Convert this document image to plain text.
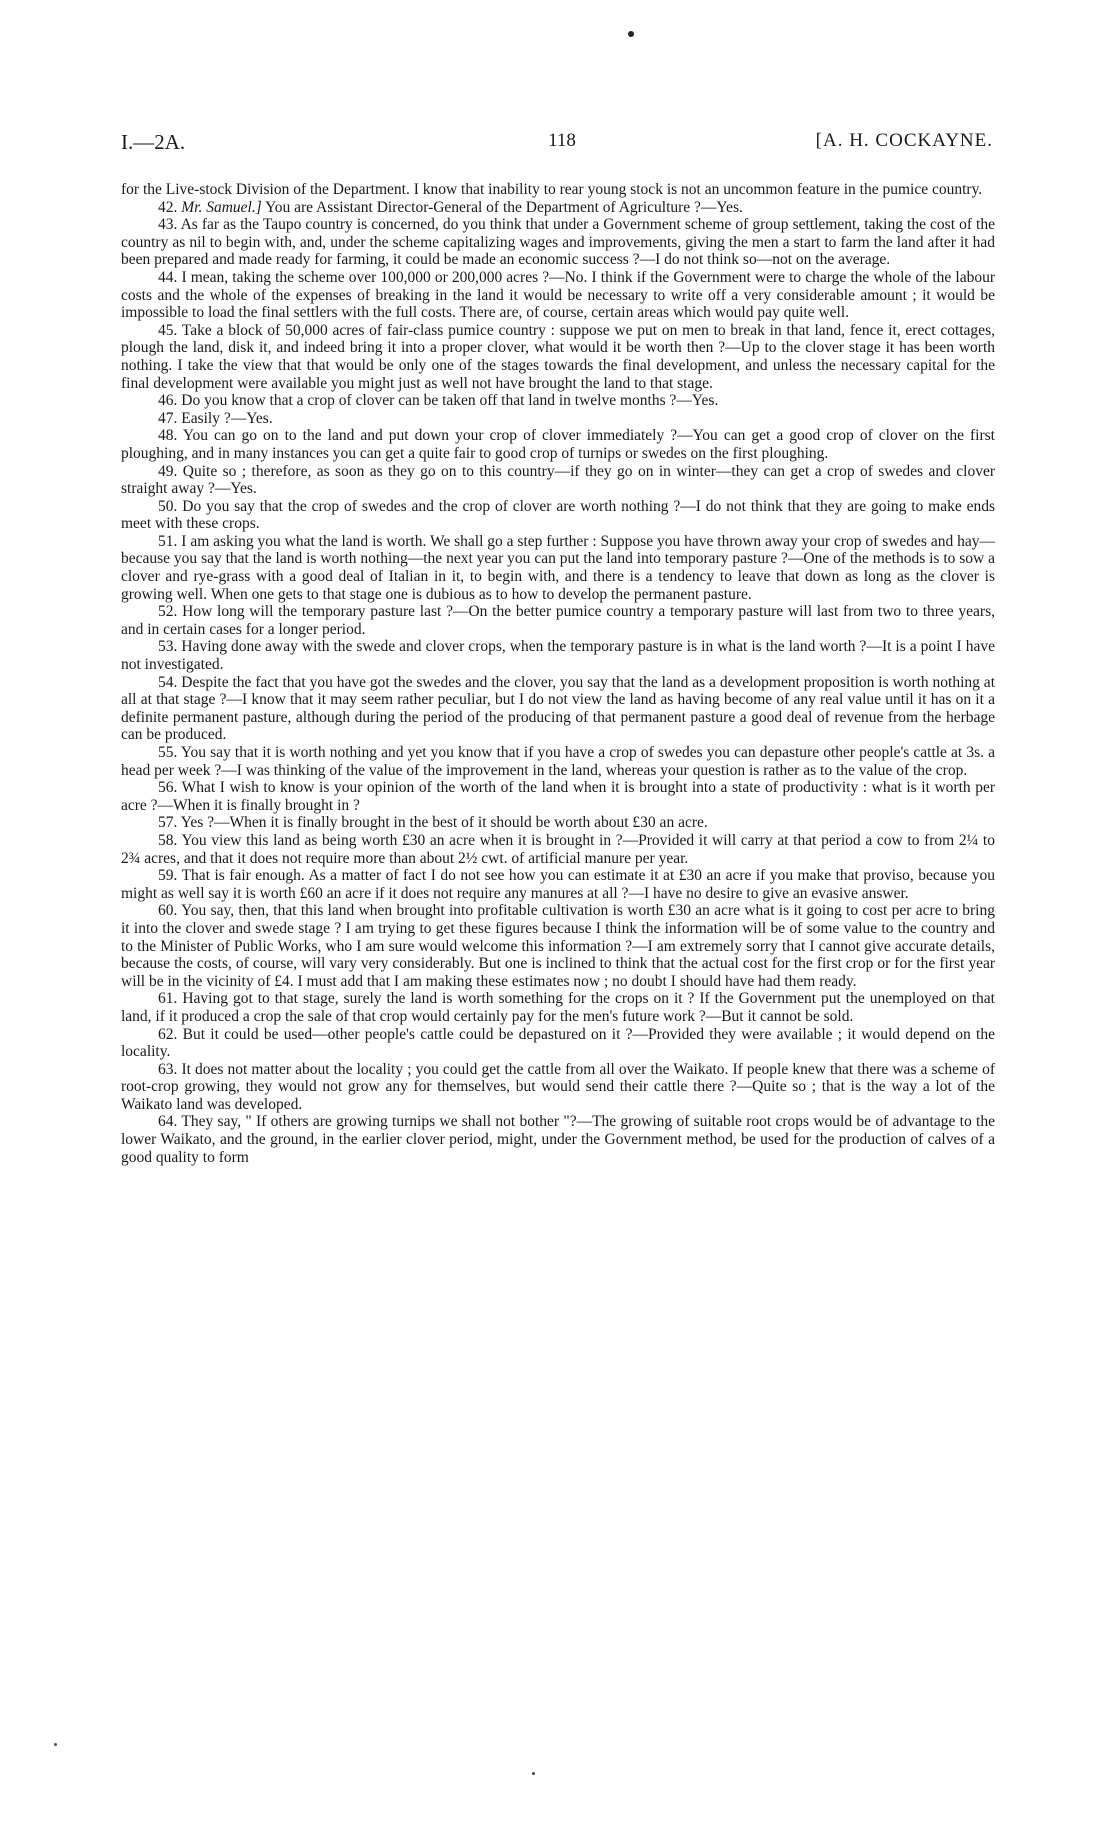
I.—2A.	118	[A. H. COCKAYNE.

for the Live-stock Division of the Department. I know that inability to rear young stock is not an uncommon feature in the pumice country.

42. Mr. Samuel.] You are Assistant Director-General of the Department of Agriculture ?—Yes.

43. As far as the Taupo country is concerned, do you think that under a Government scheme of group settlement, taking the cost of the country as nil to begin with, and, under the scheme capitalizing wages and improvements, giving the men a start to farm the land after it had been prepared and made ready for farming, it could be made an economic success ?—I do not think so—not on the average.

44. I mean, taking the scheme over 100,000 or 200,000 acres ?—No. I think if the Government were to charge the whole of the labour costs and the whole of the expenses of breaking in the land it would be necessary to write off a very considerable amount ; it would be impossible to load the final settlers with the full costs. There are, of course, certain areas which would pay quite well.

45. Take a block of 50,000 acres of fair-class pumice country : suppose we put on men to break in that land, fence it, erect cottages, plough the land, disk it, and indeed bring it into a proper clover, what would it be worth then ?—Up to the clover stage it has been worth nothing. I take the view that that would be only one of the stages towards the final development, and unless the necessary capital for the final development were available you might just as well not have brought the land to that stage.

46. Do you know that a crop of clover can be taken off that land in twelve months ?—Yes.

47. Easily ?—Yes.

48. You can go on to the land and put down your crop of clover immediately ?—You can get a good crop of clover on the first ploughing, and in many instances you can get a quite fair to good crop of turnips or swedes on the first ploughing.

49. Quite so ; therefore, as soon as they go on to this country—if they go on in winter—they can get a crop of swedes and clover straight away ?—Yes.

50. Do you say that the crop of swedes and the crop of clover are worth nothing ?—I do not think that they are going to make ends meet with these crops.

51. I am asking you what the land is worth. We shall go a step further : Suppose you have thrown away your crop of swedes and hay—because you say that the land is worth nothing—the next year you can put the land into temporary pasture ?—One of the methods is to sow a clover and rye-grass with a good deal of Italian in it, to begin with, and there is a tendency to leave that down as long as the clover is growing well. When one gets to that stage one is dubious as to how to develop the permanent pasture.

52. How long will the temporary pasture last ?—On the better pumice country a temporary pasture will last from two to three years, and in certain cases for a longer period.

53. Having done away with the swede and clover crops, when the temporary pasture is in what is the land worth ?—It is a point I have not investigated.

54. Despite the fact that you have got the swedes and the clover, you say that the land as a development proposition is worth nothing at all at that stage ?—I know that it may seem rather peculiar, but I do not view the land as having become of any real value until it has on it a definite permanent pasture, although during the period of the producing of that permanent pasture a good deal of revenue from the herbage can be produced.

55. You say that it is worth nothing and yet you know that if you have a crop of swedes you can depasture other people's cattle at 3s. a head per week ?—I was thinking of the value of the improvement in the land, whereas your question is rather as to the value of the crop.

56. What I wish to know is your opinion of the worth of the land when it is brought into a state of productivity : what is it worth per acre ?—When it is finally brought in ?

57. Yes ?—When it is finally brought in the best of it should be worth about £30 an acre.

58. You view this land as being worth £30 an acre when it is brought in ?—Provided it will carry at that period a cow to from 2¼ to 2¾ acres, and that it does not require more than about 2½ cwt. of artificial manure per year.

59. That is fair enough. As a matter of fact I do not see how you can estimate it at £30 an acre if you make that proviso, because you might as well say it is worth £60 an acre if it does not require any manures at all ?—I have no desire to give an evasive answer.

60. You say, then, that this land when brought into profitable cultivation is worth £30 an acre what is it going to cost per acre to bring it into the clover and swede stage ? I am trying to get these figures because I think the information will be of some value to the country and to the Minister of Public Works, who I am sure would welcome this information ?—I am extremely sorry that I cannot give accurate details, because the costs, of course, will vary very considerably. But one is inclined to think that the actual cost for the first crop or for the first year will be in the vicinity of £4. I must add that I am making these estimates now ; no doubt I should have had them ready.

61. Having got to that stage, surely the land is worth something for the crops on it ? If the Government put the unemployed on that land, if it produced a crop the sale of that crop would certainly pay for the men's future work ?—But it cannot be sold.

62. But it could be used—other people's cattle could be depastured on it ?—Provided they were available ; it would depend on the locality.

63. It does not matter about the locality ; you could get the cattle from all over the Waikato. If people knew that there was a scheme of root-crop growing, they would not grow any for themselves, but would send their cattle there ?—Quite so ; that is the way a lot of the Waikato land was developed.

64. They say, " If others are growing turnips we shall not bother "?—The growing of suitable root crops would be of advantage to the lower Waikato, and the ground, in the earlier clover period, might, under the Government method, be used for the production of calves of a good quality to form
